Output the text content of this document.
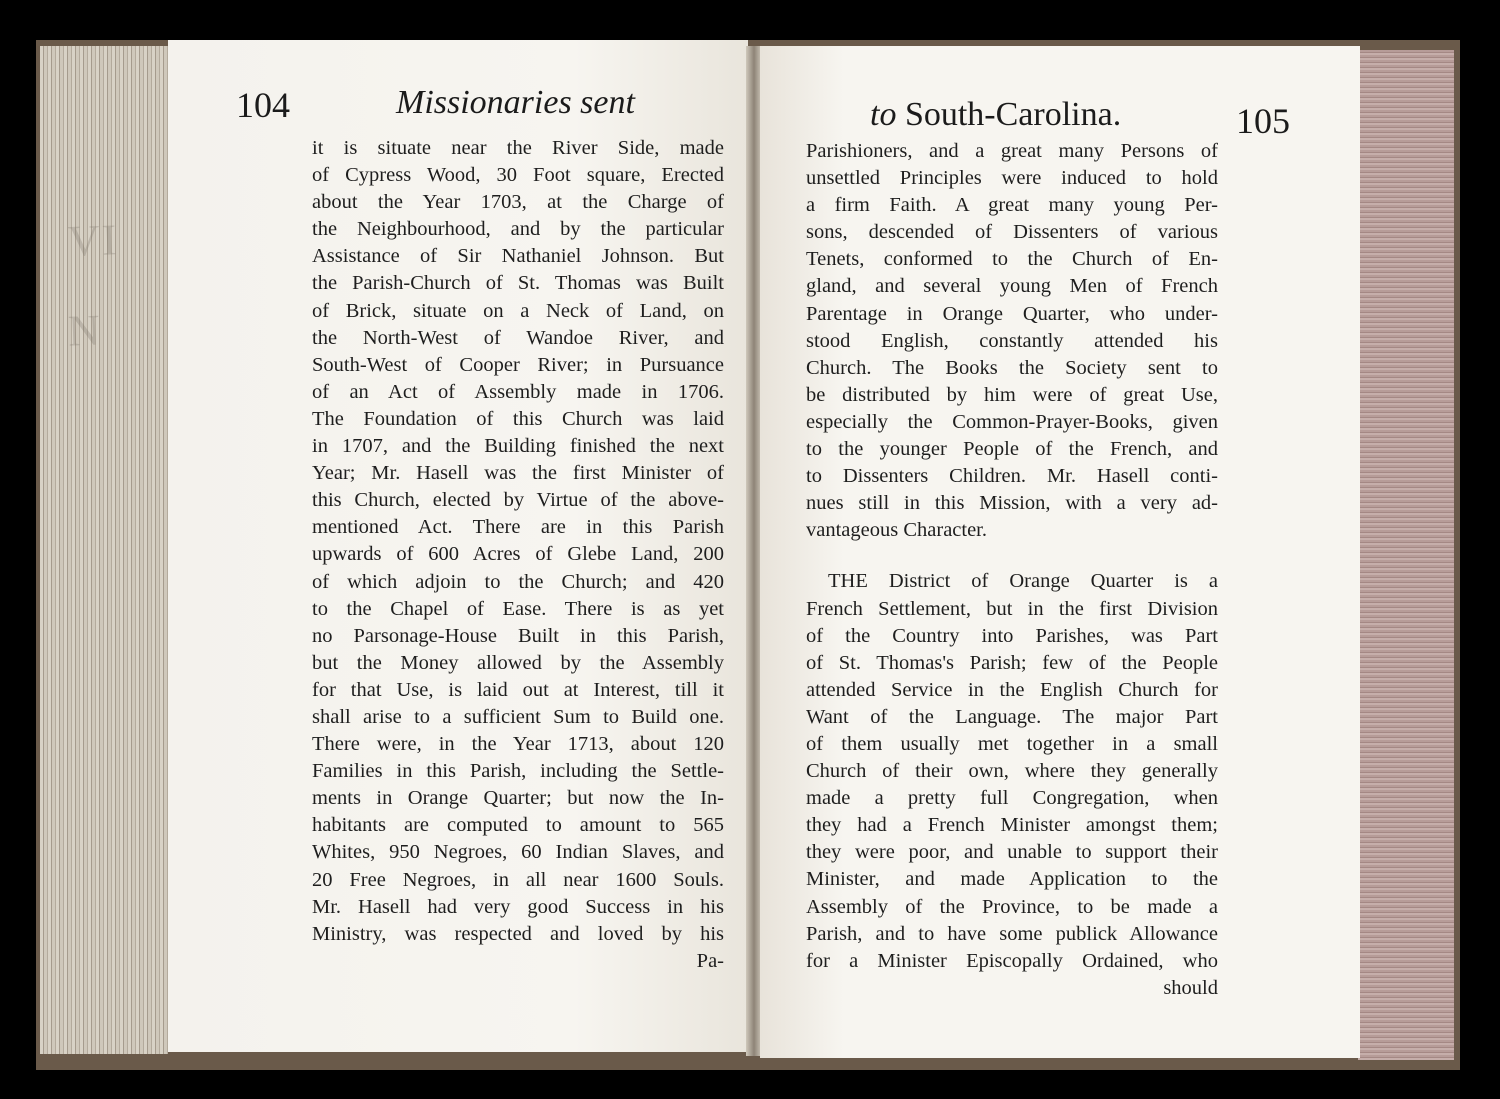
VI
N
104	Missionaries sent	to South-Carolina.	105
it is situate near the River Side, made
of Cypress Wood, 30 Foot square, Erected
about the Year 1703, at the Charge of
the Neighbourhood, and by the particular
Assistance of Sir Nathaniel Johnson. But
the Parish-Church of St. Thomas was Built
of Brick, situate on a Neck of Land, on
the North-West of Wandoe River, and
South-West of Cooper River; in Pursuance
of an Act of Assembly made in 1706.
The Foundation of this Church was laid
in 1707, and the Building finished the next
Year; Mr. Hasell was the first Minister of
this Church, elected by Virtue of the above-
mentioned Act. There are in this Parish
upwards of 600 Acres of Glebe Land, 200
of which adjoin to the Church; and 420
to the Chapel of Ease. There is as yet
no Parsonage-House Built in this Parish,
but the Money allowed by the Assembly
for that Use, is laid out at Interest, till it
shall arise to a sufficient Sum to Build one.
There were, in the Year 1713, about 120
Families in this Parish, including the Settle-
ments in Orange Quarter; but now the In-
habitants are computed to amount to 565
Whites, 950 Negroes, 60 Indian Slaves, and
20 Free Negroes, in all near 1600 Souls.
Mr. Hasell had very good Success in his
Ministry, was respected and loved by his
Pa-
Parishioners, and a great many Persons of
unsettled Principles were induced to hold
a firm Faith. A great many young Per-
sons, descended of Dissenters of various
Tenets, conformed to the Church of En-
gland, and several young Men of French
Parentage in Orange Quarter, who under-
stood English, constantly attended his
Church. The Books the Society sent to
be distributed by him were of great Use,
especially the Common-Prayer-Books, given
to the younger People of the French, and
to Dissenters Children. Mr. Hasell conti-
nues still in this Mission, with a very ad-
vantageous Character.
THE District of Orange Quarter is a
French Settlement, but in the first Division
of the Country into Parishes, was Part
of St. Thomas's Parish; few of the People
attended Service in the English Church for
Want of the Language. The major Part
of them usually met together in a small
Church of their own, where they generally
made a pretty full Congregation, when
they had a French Minister amongst them;
they were poor, and unable to support their
Minister, and made Application to the
Assembly of the Province, to be made a
Parish, and to have some publick Allowance
for a Minister Episcopally Ordained, who
should
